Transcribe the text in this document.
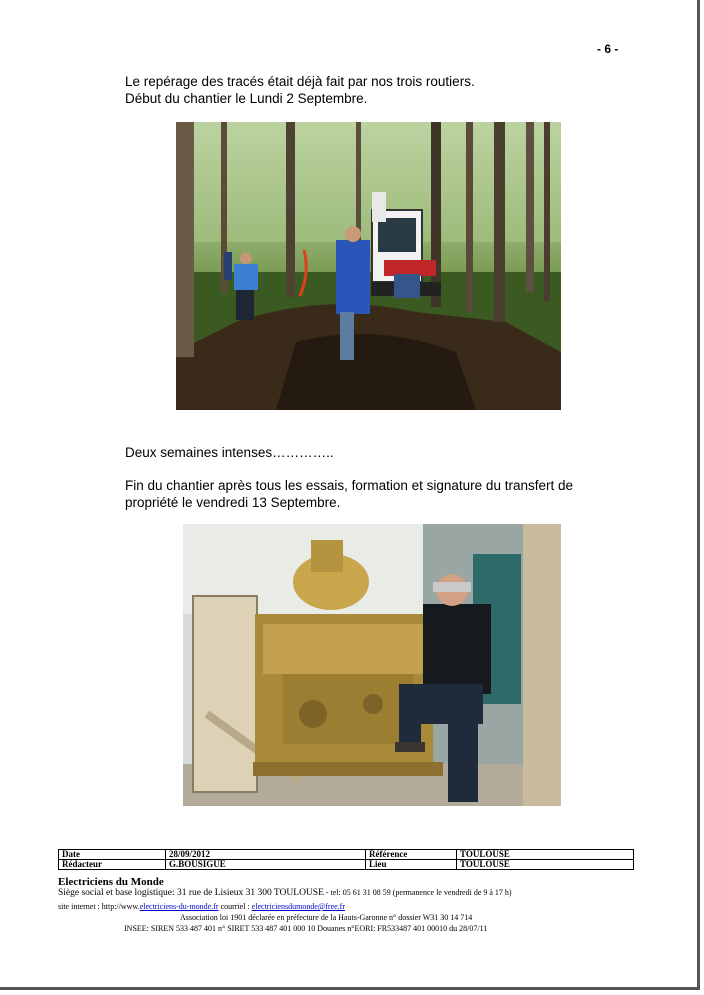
- 6 -
Le repérage des tracés était déjà fait par nos trois routiers.
Début du chantier le Lundi 2 Septembre.
Deux semaines intenses…………..
Fin du chantier après tous les essais, formation et signature du transfert de
propriété le vendredi 13 Septembre.
Date	28/09/2012	Référence	TOULOUSE
Rédacteur	G.BOUSIGUE	Lieu	TOULOUSE
Electriciens du Monde
Siège social et base logistique: 31 rue de Lisieux 31 300 TOULOUSE - tel: 05 61 31 08 59 (permanence le vendredi de 9 à 17 h)
site internet : http://www.electriciens-du-monde.fr courriel : electriciensdumonde@free.fr
Association loi 1901 déclarée en préfecture de la Hauts-Garonne n° dossier W31 30 14 714
INSEE: SIREN 533 487 401 n° SIRET 533 487 401 000 10 Douanes n°EORI: FR533487 401 00010 du 28/07/11
